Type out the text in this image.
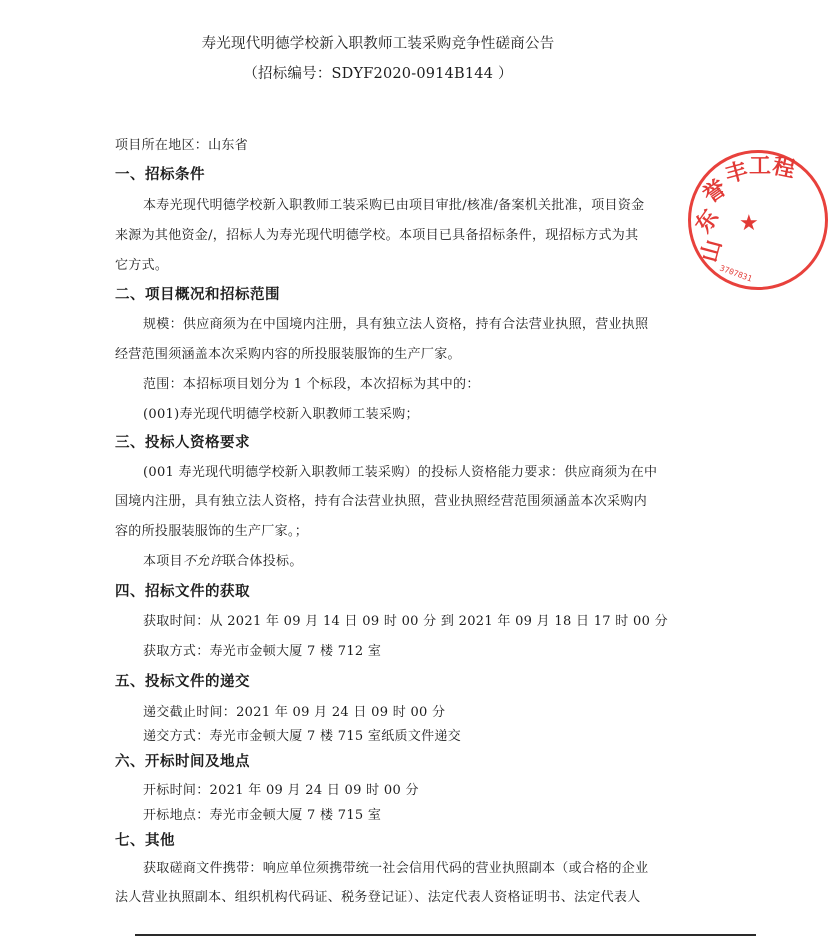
寿光现代明德学校新入职教师工装采购竞争性磋商公告
（招标编号：SDYF2020-0914B144 ）
项目所在地区：山东省
一、招标条件
本寿光现代明德学校新入职教师工装采购已由项目审批/核准/备案机关批准，项目资金
来源为其他资金/，招标人为寿光现代明德学校。本项目已具备招标条件，现招标方式为其
它方式。
二、项目概况和招标范围
规模：供应商须为在中国境内注册，具有独立法人资格，持有合法营业执照，营业执照
经营范围须涵盖本次采购内容的所投服装服饰的生产厂家。
范围：本招标项目划分为 1 个标段，本次招标为其中的：
(001)寿光现代明德学校新入职教师工装采购；
三、投标人资格要求
(001 寿光现代明德学校新入职教师工装采购）的投标人资格能力要求：供应商须为在中
国境内注册，具有独立法人资格，持有合法营业执照，营业执照经营范围须涵盖本次采购内
容的所投服装服饰的生产厂家。；
本项目不允许联合体投标。
四、招标文件的获取
获取时间：从 2021 年 09 月 14 日 09 时 00 分 到 2021 年 09 月 18 日 17 时 00 分
获取方式：寿光市金顿大厦 7 楼 712 室
五、投标文件的递交
递交截止时间：2021 年 09 月 24 日 09 时 00 分
递交方式：寿光市金顿大厦 7 楼 715 室纸质文件递交
六、开标时间及地点
开标时间：2021 年 09 月 24 日 09 时 00 分
开标地点：寿光市金顿大厦 7 楼 715 室
七、其他
获取磋商文件携带：响应单位须携带统一社会信用代码的营业执照副本（或合格的企业
法人营业执照副本、组织机构代码证、税务登记证）、法定代表人资格证明书、法定代表人
山
东
誉
丰
工 程
★
3707831
